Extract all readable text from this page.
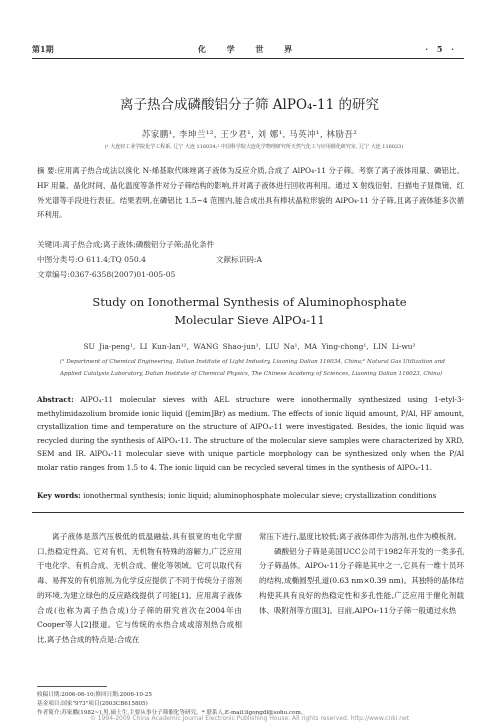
第1期	化 学 世 界	· 5 ·
离子热合成磷酸铝分子筛 AlPO₄-11 的研究
苏家鹏¹, 李坤兰¹², 王少君¹, 刘 娜¹, 马英冲¹, 林励吾²
(¹ 大连轻工业学院化学工程系, 辽宁 大连 116034;² 中国科学院大连化学物理研究所天然气化工与应用催化研究室, 辽宁 大连 116023)
摘 要:应用离子热合成法以溴化 N-烯基取代咪唑离子液体为反应介质,合成了 AlPO₄-11 分子筛。考察了离子液体用量、磷铝比、HF 用量、晶化时间、晶化温度等条件对分子筛结构的影响,并对离子液体进行回收再利用。通过 X 射线衍射、扫描电子显微镜、红外光谱等手段进行表征。结果表明,在磷铝比 1.5~4 范围内,能合成出具有棒状晶粒形貌的 AlPO₄-11 分子筛,且离子液体能多次循环利用。
关键词:离子热合成;离子液体;磷酸铝分子筛;晶化条件
中图分类号:O 611.4;TQ 050.4	文献标识码:A
文章编号:0367-6358(2007)01-005-05
Study on Ionothermal Synthesis of Aluminophosphate
Molecular Sieve AlPO₄-11
SU Jia-peng¹, LI Kun-lan¹², WANG Shao-jun¹, LIU Na¹, MA Ying-chong¹, LIN Li-wu²
(¹ Department of Chemical Engineering, Dalian Institute of Light Industry, Liaoning Dalian 116034, China;² Natural Gas Utilization and
Applied Catalysis Laboratory, Dalian Institute of Chemical Physics, The Chinese Academy of Sciences, Liaoning Dalian 116023, China)
Abstract: AlPO₄-11 molecular sieves with AEL structure were ionothermally synthesized using 1-etyl-3-methylimidazolium bromide ionic liquid ([emim]Br) as medium. The effects of ionic liquid amount, P/Al, HF amount, crystallization time and temperature on the structure of AlPO₄-11 were investigated. Besides, the ionic liquid was recycled during the synthesis of AlPO₄-11. The structure of the molecular sieve samples were characterized by XRD, SEM and IR. AlPO₄-11 molecular sieve with unique particle morphology can be synthesized only when the P/Al molar ratio ranges from 1.5 to 4. The ionic liquid can be recycled several times in the synthesis of AlPO₄-11.
Key words: ionothermal synthesis; ionic liquid; aluminophosphate molecular sieve; crystallization conditions
离子液体是蒸汽压极低的低温融盐,具有很宽的电化学窗口,热稳定性高。它对有机、无机物有特殊的溶解力,广泛应用于电化学、有机合成、无机合成、催化等领域。它可以取代有毒、易挥发的有机溶剂,为化学反应提供了不同于传统分子溶剂的环境,为建立绿色的反应路线提供了可能[1]。应用离子液体合成(也称为离子热合成)分子筛的研究首次在2004年由Cooper等人[2]报道。它与传统的水热合成或溶剂热合成相比,离子热合成的特点是:合成在

常压下进行,温度比较低;离子液体即作为溶剂,也作为模板剂。

磷酸铝分子筛是美国UCC公司于1982年开发的一类多孔分子筛晶体。AlPO₄-11分子筛是其中之一,它具有一维十员环的结构,成椭圆型孔道(0.63 nm×0.39 nm)。其独特的晶体结构使其具有良好的热稳定性和多孔性能,广泛应用于催化剂载体、吸附剂等方面[3]。目前,AlPO₄-11分子筛一般通过水热

收稿日期:2006-06-10;修回日期:2006-10-25
基金项目:国家"973"项目(2003CB615805)
作者简介:苏家鹏(1982~),男,硕士生,主要从事分子筛催化等研究。* 联系人,E-mail:ligongdl@sohu.com。
© 1994-2009 China Academic Journal Electronic Publishing House. All rights reserved. http://www.cnki.net
